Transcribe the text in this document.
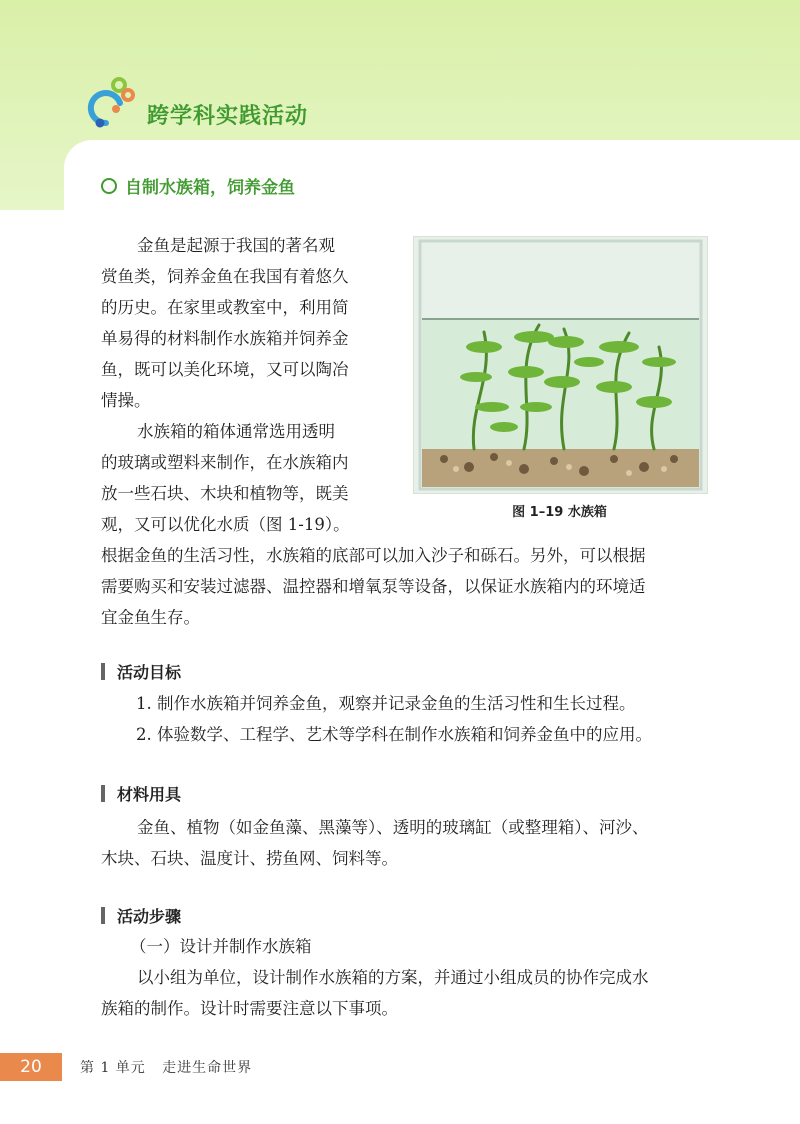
跨学科实践活动
自制水族箱，饲养金鱼

金鱼是起源于我国的著名观
赏鱼类，饲养金鱼在我国有着悠久
的历史。在家里或教室中，利用简
单易得的材料制作水族箱并饲养金
鱼，既可以美化环境，又可以陶冶
情操。

水族箱的箱体通常选用透明
的玻璃或塑料来制作，在水族箱内
放一些石块、木块和植物等，既美
观，又可以优化水质（图 1-19）。

根据金鱼的生活习性，水族箱的底部可以加入沙子和砾石。另外，可以根据
需要购买和安装过滤器、温控器和增氧泵等设备，以保证水族箱内的环境适
宜金鱼生存。

图 1–19 水族箱
活动目标

1. 制作水族箱并饲养金鱼，观察并记录金鱼的生活习性和生长过程。

2. 体验数学、工程学、艺术等学科在制作水族箱和饲养金鱼中的应用。

材料用具

金鱼、植物（如金鱼藻、黑藻等）、透明的玻璃缸（或整理箱）、河沙、
木块、石块、温度计、捞鱼网、饲料等。

活动步骤
（一）设计并制作水族箱

以小组为单位，设计制作水族箱的方案，并通过小组成员的协作完成水
族箱的制作。设计时需要注意以下事项。

20	第 1 单元   走进生命世界
